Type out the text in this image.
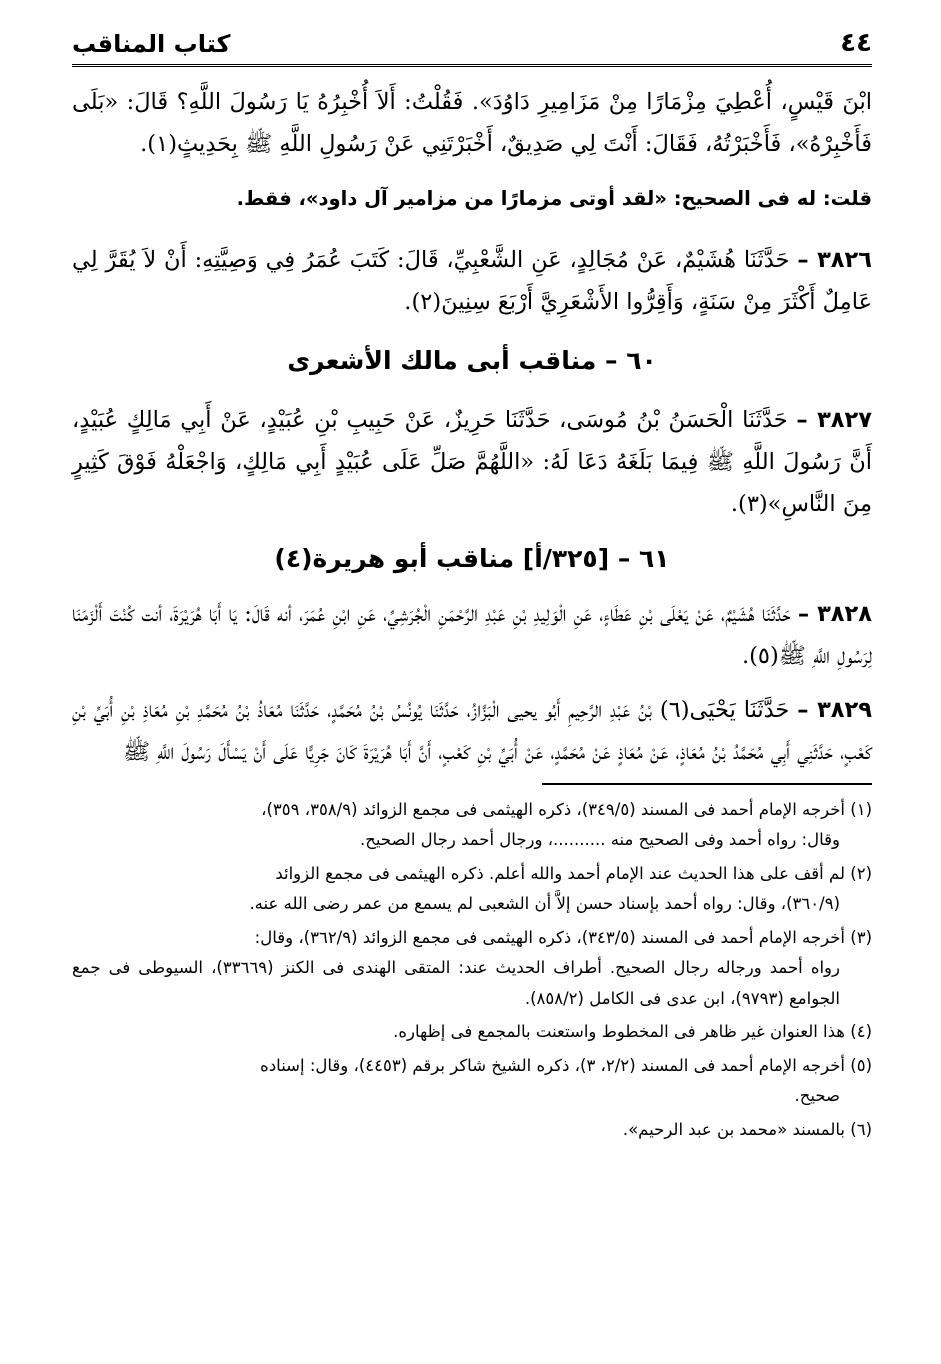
٤٤
كتاب المناقب

ابْنَ قَيْسٍ، أُعْطِيَ مِزْمَارًا مِنْ مَزَامِيرِ دَاوُدَ». فَقُلْتُ: أَلاَ أُخْبِرُهُ يَا رَسُولَ اللَّهِ؟ قَالَ: «بَلَى فَأَخْبِرْهُ»، فَأَخْبَرْتُهُ، فَقَالَ: أَنْتَ لِي صَدِيقٌ، أَخْبَرْتَنِي عَنْ رَسُولِ اللَّهِ ﷺ بِحَدِيثٍ(١).

قلت: له فى الصحيح: «لقد أوتى مزمارًا من مزامير آل داود»، فقط.

٣٨٢٦ – حَدَّثَنَا هُشَيْمٌ، عَنْ مُجَالِدٍ، عَنِ الشَّعْبِيِّ، قَالَ: كَتَبَ عُمَرُ فِي وَصِيَّتِهِ: أَنْ لاَ يُقَرَّ لِي عَامِلٌ أَكْثَرَ مِنْ سَنَةٍ، وَأَقِرُّوا الأَشْعَرِيَّ أَرْبَعَ سِنِينَ(٢).

٦٠ – مناقب أبى مالك الأشعرى

٣٨٢٧ – حَدَّثَنَا الْحَسَنُ بْنُ مُوسَى، حَدَّثَنَا حَرِيزٌ، عَنْ حَبِيبِ بْنِ عُبَيْدٍ، عَنْ أَبِي مَالِكٍ عُبَيْدٍ، أَنَّ رَسُولَ اللَّهِ ﷺ فِيمَا بَلَغَهُ دَعَا لَهُ: «اللَّهُمَّ صَلِّ عَلَى عُبَيْدٍ أَبِي مَالِكٍ، وَاجْعَلْهُ فَوْقَ كَثِيرٍ مِنَ النَّاسِ»(٣).

٦١ – [٣٢٥/أ] مناقب أبو هريرة(٤)

٣٨٢٨ – حَدَّثَنَا هُشَيْمٌ، عَنْ يَعْلَى بْنِ عَطَاءٍ، عَنِ الْوَلِيدِ بْنِ عَبْدِ الرَّحْمَنِ الْجُرَشِيِّ، عَنِ ابْنِ عُمَرَ، أنه قَالَ: يَا أَبَا هُرَيْرَةَ، أنت كُنْتَ أَلْزَمَنَا لِرَسُولِ اللَّهِ ﷺ(٥).

٣٨٢٩ – حَدَّثَنَا يَحْيَى(٦) بْنُ عَبْدِ الرَّحِيمِ أَبُو يحيى الْبَزَّازُ، حَدَّثَنَا يُونُسُ بْنُ مُحَمَّدٍ، حَدَّثَنَا مُعَاذُ بْنُ مُحَمَّدِ بْنِ مُعَاذِ بْنِ أُبَيِّ بْنِ كَعْبٍ، حَدَّثَنِي أَبِي مُحَمَّدُ بْنُ مُعَاذٍ، عَنْ مُعَاذٍ عَنْ مُحَمَّدٍ، عَنْ أُبَيِّ بْنِ كَعْبٍ، أَنَّ أَبَا هُرَيْرَةَ كَانَ جَرِيًّا عَلَى أَنْ يَسْأَلَ رَسُولَ اللَّهِ ﷺ

(١) أخرجه الإمام أحمد فى المسند (٣٤٩/٥)، ذكره الهيثمى فى مجمع الزوائد (٣٥٨/٩، ٣٥٩)،
وقال: رواه أحمد وفى الصحيح منه ..........، ورجال أحمد رجال الصحيح.
(٢) لم أقف على هذا الحديث عند الإمام أحمد والله أعلم. ذكره الهيثمى فى مجمع الزوائد
(٣٦٠/٩)، وقال: رواه أحمد بإسناد حسن إلاَّ أن الشعبى لم يسمع من عمر رضى الله عنه.
(٣) أخرجه الإمام أحمد فى المسند (٣٤٣/٥)، ذكره الهيثمى فى مجمع الزوائد (٣٦٢/٩)، وقال:
رواه أحمد ورجاله رجال الصحيح. أطراف الحديث عند: المتقى الهندى فى الكنز (٣٣٦٦٩)، السيوطى فى جمع الجوامع (٩٧٩٣)، ابن عدى فى الكامل (٨٥٨/٢).
(٤) هذا العنوان غير ظاهر فى المخطوط واستعنت بالمجمع فى إظهاره.
(٥) أخرجه الإمام أحمد فى المسند (٢/٢، ٣)، ذكره الشيخ شاكر برقم (٤٤٥٣)، وقال: إسناده
صحيح.
(٦) بالمسند «محمد بن عبد الرحيم».
